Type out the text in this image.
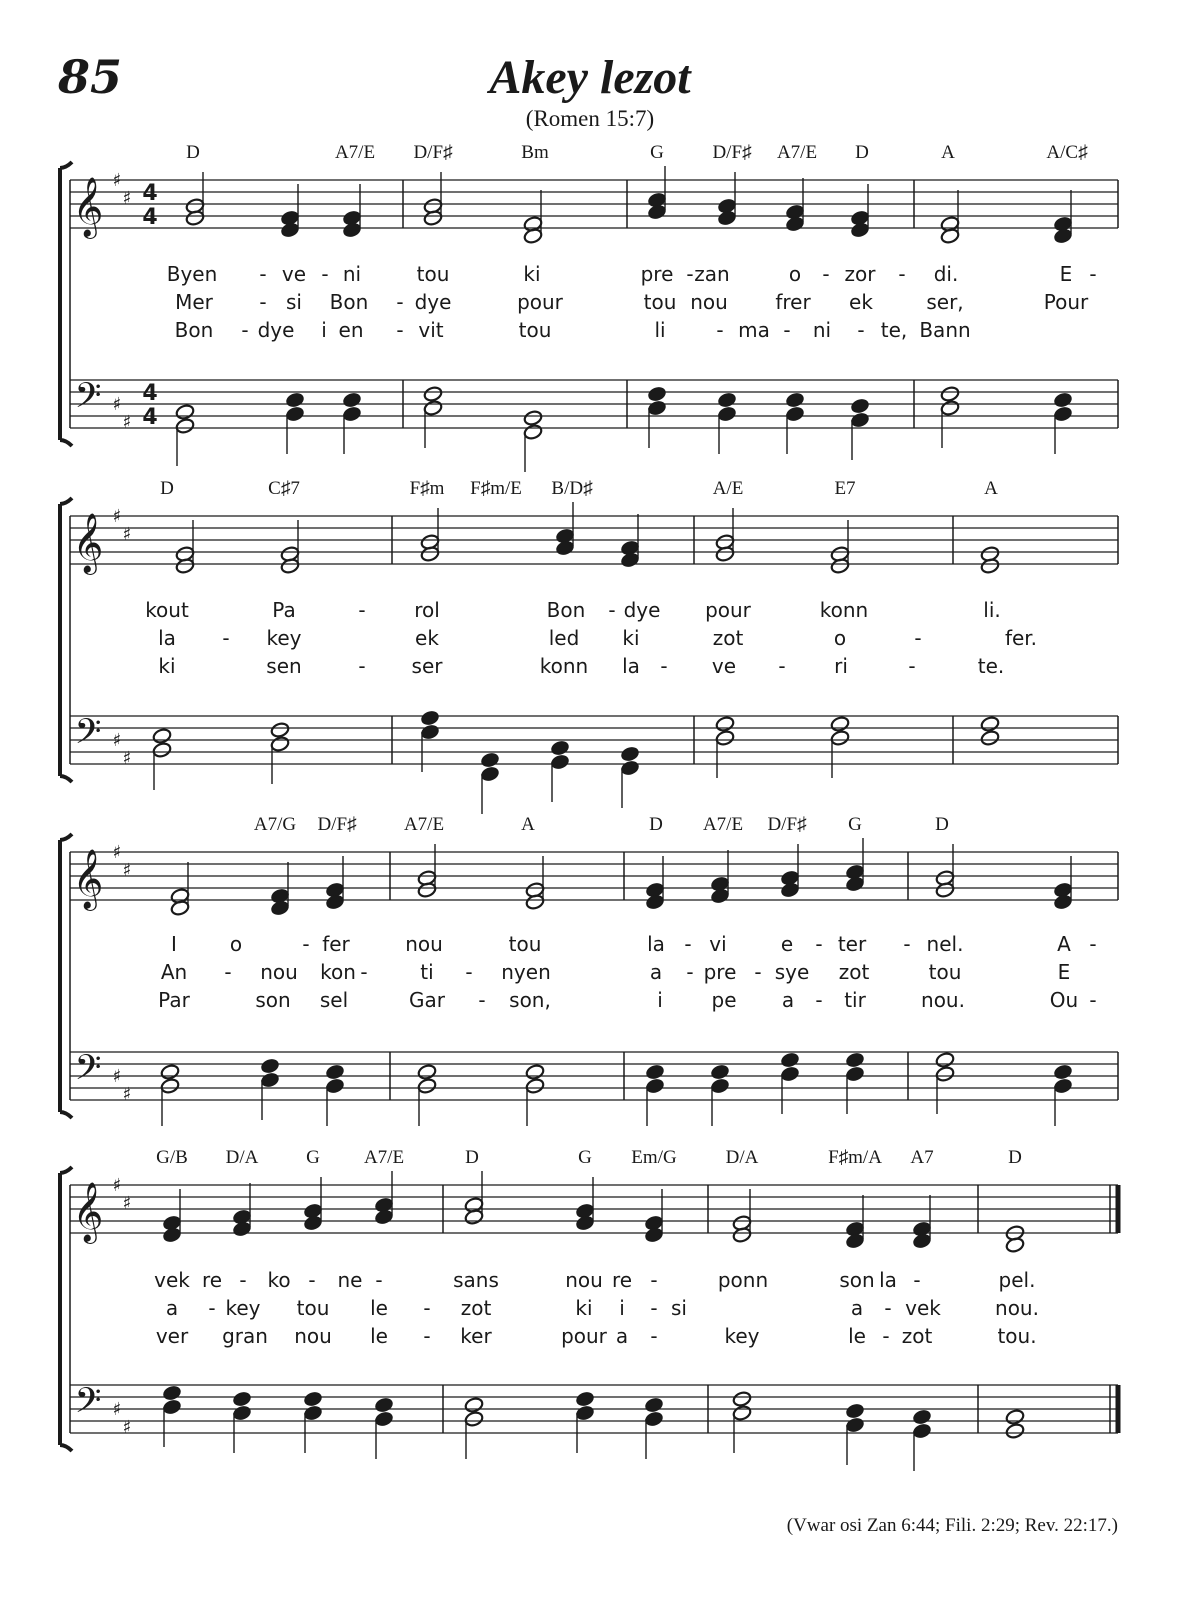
85	Akey lezot
(Romen 15:7)
(Vwar osi Zan 6:44; Fili. 2:29; Rev. 22:17.)
𝄞 ♯
♯
𝄢 ♯
♯
4
4
4
4
𝄞 ♯
♯
𝄢 ♯
♯
𝄞 ♯
♯
𝄢 ♯
♯
𝄞 ♯
♯
𝄢 ♯
♯
D	A7/E D/F♯	Bm	G	D/F♯ A7/E D	A	A/C♯
Byen - ve - ni	tou	ki	pre - zan	o - zor - di.	E -
Mer - si Bon - dye	pour	tou nou frer ek	ser,	Pour
Bon - dye i en - vit	tou	li	- ma - ni - te, Bann
D	C♯7	F♯m F♯m/E B/D♯	A/E	E7	A
kout	Pa	- rol	Bon - dye pour	konn	li.
la - key	ek	led ki	zot	o	-	fer.
ki	sen	- ser	konn la - ve - ri	-	te.
A7/G D/F♯ A7/E	A	D A7/E D/F♯ G	D
I	o	- fer	nou	tou	la - vi	e - ter - nel.	A -
An - nou kon -	ti - nyen	a - pre - sye zot	tou	E
Par	son sel	Gar - son,	i pe a - tir	nou.	Ou -
G/B D/A	G A7/E	D	G Em/G	D/A	F♯m/A A7	D
vek re - ko - ne -	sans	nou re -	ponn	son la -	pel.
a - key tou le - zot	ki i - si	a - vek	nou.
ver gran nou le - ker	pour a -	key	le - zot	tou.
